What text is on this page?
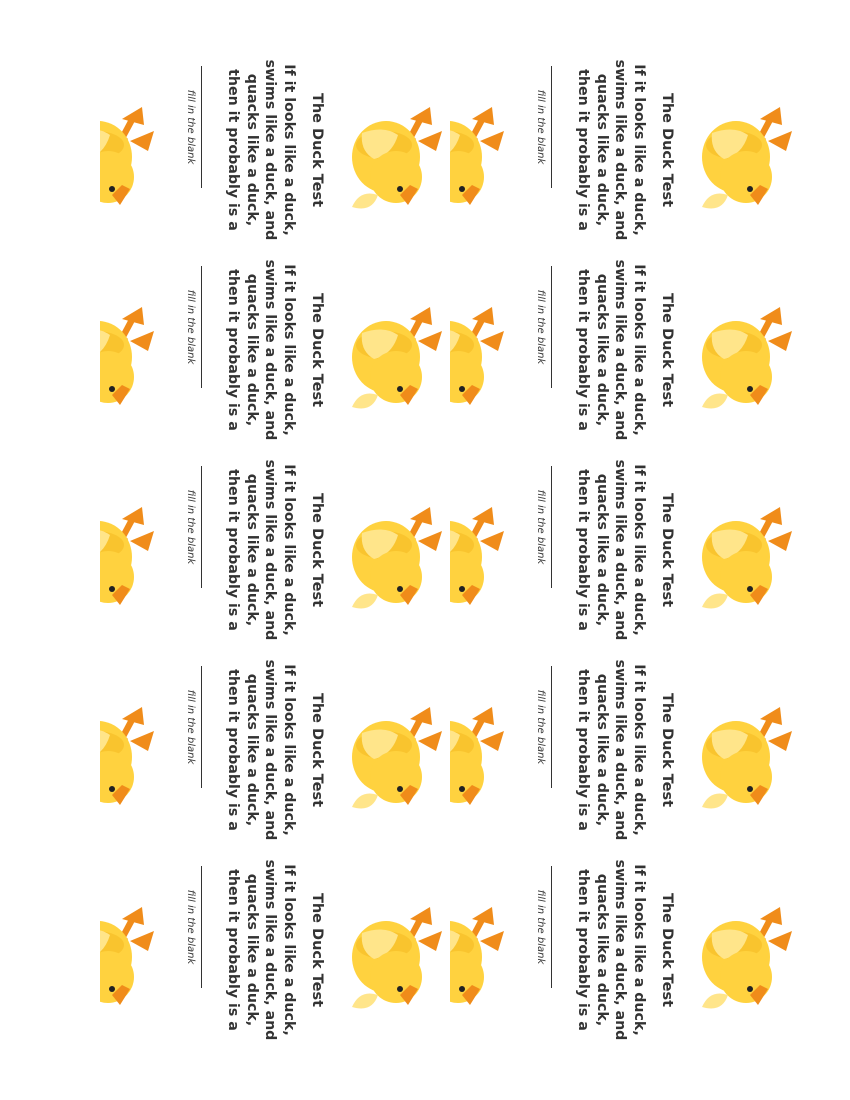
The Duck Test
If it looks like a duck,
swims like a duck, and
quacks like a duck,
then it probably is a
fill in the blank
The Duck Test
If it looks like a duck,
swims like a duck, and
quacks like a duck,
then it probably is a
fill in the blank
The Duck Test
If it looks like a duck,
swims like a duck, and
quacks like a duck,
then it probably is a
fill in the blank
The Duck Test
If it looks like a duck,
swims like a duck, and
quacks like a duck,
then it probably is a
fill in the blank
The Duck Test
If it looks like a duck,
swims like a duck, and
quacks like a duck,
then it probably is a
fill in the blank
The Duck Test
If it looks like a duck,
swims like a duck, and
quacks like a duck,
then it probably is a
fill in the blank
The Duck Test
If it looks like a duck,
swims like a duck, and
quacks like a duck,
then it probably is a
fill in the blank
The Duck Test
If it looks like a duck,
swims like a duck, and
quacks like a duck,
then it probably is a
fill in the blank
The Duck Test
If it looks like a duck,
swims like a duck, and
quacks like a duck,
then it probably is a
fill in the blank
The Duck Test
If it looks like a duck,
swims like a duck, and
quacks like a duck,
then it probably is a
fill in the blank
